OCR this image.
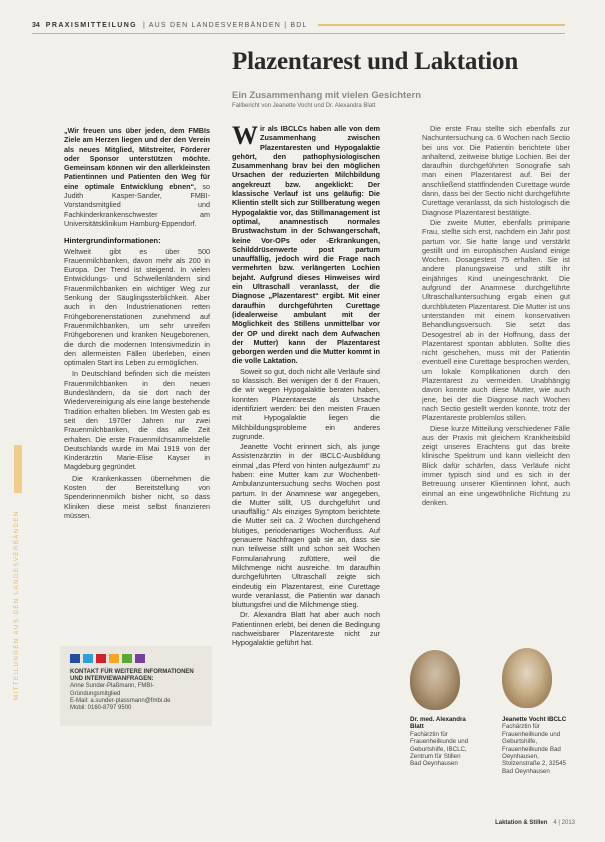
34 PRAXISMITTEILUNG | AUS DEN LANDESVERBÄNDEN | BDL
Plazentarest und Laktation
Ein Zusammenhang mit vielen Gesichtern
Fallbericht von Jeanette Vocht und Dr. Alexandra Blatt

„Wir freuen uns über jeden, dem FMBIs Ziele am Herzen liegen und der den Verein als neues Mitglied, Mitstreiter, Förderer oder Sponsor unterstützen möchte. Gemeinsam können wir den allerkleinsten Patientinnen und Patienten den Weg für eine optimale Entwicklung ebnen“, so Judith Kasper-Sander, FMBI-Vorstandsmitglied und Fachkinderkrankenschwester am Universitätsklinikum Hamburg-Eppendorf.

Hintergrundinformationen:

Weltweit gibt es über 500 Frauenmilchbanken, davon mehr als 200 in Europa. Der Trend ist steigend. In vielen Entwicklungs- und Schwellenländern sind Frauenmilchbanken ein wichtiger Weg zur Senkung der Säuglingssterblichkeit. Aber auch in den Industrienationen retten Frühgeborenenstationen zunehmend auf Frauenmilchbanken, um sehr unreifen Frühgeborenen und kranken Neugeborenen, die durch die modernen Intensivmedizin in den allermeisten Fällen überleben, einen optimalen Start ins Leben zu ermöglichen.

In Deutschland befinden sich die meisten Frauenmilchbanken in den neuen Bundesländern, da sie dort nach der Wiedervereinigung als eine lange bestehende Tradition erhalten blieben. Im Westen gab es seit den 1970er Jahren nur zwei Frauenmilchbanken, die das alle Zeit erhalten. Die erste Frauenmilchsammelstelle Deutschlands wurde im Mai 1919 von der Kinderärztin Marie-Elise Kayser in Magdeburg gegründet.

Die Krankenkassen übernehmen die Kosten der Bereitstellung von Spenderinnenmilch bisher nicht, so dass Kliniken diese meist selbst finanzieren müssen.

MITTEILUNGEN AUS DEN LANDESVERBÄNDEN	KONTAKT FÜR WEITERE INFORMATIONEN UND INTERVIEWANFRAGEN:
Anne Sunder-Plaßmann, FMBI-Gründungsmitglied
E-Mail: a.sunder-plassmann@fmbi.de
Mobil: 0160-8797 9500

W ir als IBCLCs haben alle von dem Zusammenhang zwischen Plazentaresten und Hypogalaktie gehört, den pathophysiologischen Zusammenhang brav bei den möglichen Ursachen der reduzierten Milchbildung angekreuzt bzw. angeklickt: Der klassische Verlauf ist uns geläufig: Die Klientin stellt sich zur Stillberatung wegen Hypogalaktie vor, das Stillmanagement ist optimal, anamnestisch normales Brustwachstum in der Schwangerschaft, keine Vor-OPs oder -Erkrankungen, Schilddrüsenwerte post partum unauffällig, jedoch wird die Frage nach vermehrten bzw. verlängerten Lochien bejaht. Aufgrund dieses Hinweises wird ein Ultraschall veranlasst, der die Diagnose „Plazentarest“ ergibt. Mit einer daraufhin durchgeführten Curettage (idealerweise ambulant mit der Möglichkeit des Stillens unmittelbar vor der OP und direkt nach dem Aufwachen der Mutter) kann der Plazentarest geborgen werden und die Mutter kommt in die volle Laktation.

Soweit so gut, doch nicht alle Verläufe sind so klassisch. Bei wenigen der 6 der Frauen, die wir wegen Hypogalaktie beraten haben, konnten Plazentareste als Ursache identifiziert werden: bei den meisten Frauen mit Hypogalaktie liegen die Milchbildungsprobleme ein anderes zugrunde.

Jeanette Vocht erinnert sich, als junge Assistenzärztin in der IBCLC-Ausbildung einmal „das Pferd von hinten aufgezäumt“ zu haben: eine Mutter kam zur Wochenbett-Ambulanzuntersuchung sechs Wochen post partum. In der Anamnese war angegeben, die Mutter stillt, US durchgeführt und unauffällig.“ Als einziges Symptom berichtete die Mutter seit ca. 2 Wochen durchgehend blutiges, periodenartiges Wochenfluss. Auf genauere Nachfragen gab sie an, dass sie nun teilweise stillt und schon seit Wochen Formulanahrung zufüttere, weil die Milchmenge nicht ausreiche. Im daraufhin durchgeführten Ultraschall zeigte sich eindeutig ein Plazentarest, eine Curettage wurde veranlasst, die Patientin war danach bluttungsfrei und die Milchmenge stieg.

Dr. Alexandra Blatt hat aber auch noch Patientinnen erlebt, bei denen die Bedingung nachweisbarer Plazentareste nicht zur Hypogalaktie geführt hat.

Die erste Frau stellte sich ebenfalls zur Nachuntersuchung ca. 6 Wochen nach Sectio bei uns vor. Die Patientin berichtete über anhaltend, zeitweise blutige Lochien. Bei der daraufhin durchgeführten Sonografie sah man einen Plazentarest auf. Bei der anschließend stattfindenden Curettage wurde dann, dass bei der Sectio nicht durchgeführte Curettage veranlasst, da sich histologisch die Diagnose Plazentarest bestätigte.

Die zweite Mutter, ebenfalls primiparie Frau, stellte sich erst, nachdem ein Jahr post partum vor. Sie hatte lange und verstärkt gestillt und im europäischen Ausland einige Wochen. Dosagestest 75 erhalten. Sie ist andere planungsweise und stillt ihr einjähriges Kind uneingeschränkt. Die aufgrund der Anamnese durchgeführte Ultraschalluntersuchung ergab einen gut durchbluteten Plazentarest. Die Mutter ist uns unterstanden mit einem konservativen Behandlungsversuch. Sie setzt das Desogestrel ab in der Hoffnung, dass der Plazentarest spontan abbluten. Sollte dies nicht geschehen, muss mit der Patientin eventuell eine Curettage besprochen werden, um lokale Komplikationen durch den Plazentarest zu vermeiden. Unabhängig davon konnte auch diese Mutter, wie auch jene, bei der die Diagnose nach Wochen nach Sectio gestellt werden konnte, trotz der Plazentareste problemlos stillen.

Diese kurze Mitteilung verschiedener Fälle aus der Praxis mit gleichem Krankheitsbild zeigt unseres Erachtens gut das breite klinische Spektrum und kann vielleicht den Blick dafür schärfen, dass Verläufe nicht immer typisch sind und es sich in der Betreuung unserer Klientinnen lohnt, auch einmal an eine ungewöhnliche Richtung zu denken.

Dr. med. Alexandra Blatt
Fachärztin für Frauenheilkunde und Geburtshilfe, IBCLC, Zentrum für Stillen Bad Oeynhausen
Jeanette Vocht IBCLC
Fachärztin für Frauenheilkunde und Geburtshilfe, Frauenheilkunde Bad Oeynhausen, Stolzenstraße 2, 32545 Bad Oeynhausen
Laktation & Stillen 4 | 2013
